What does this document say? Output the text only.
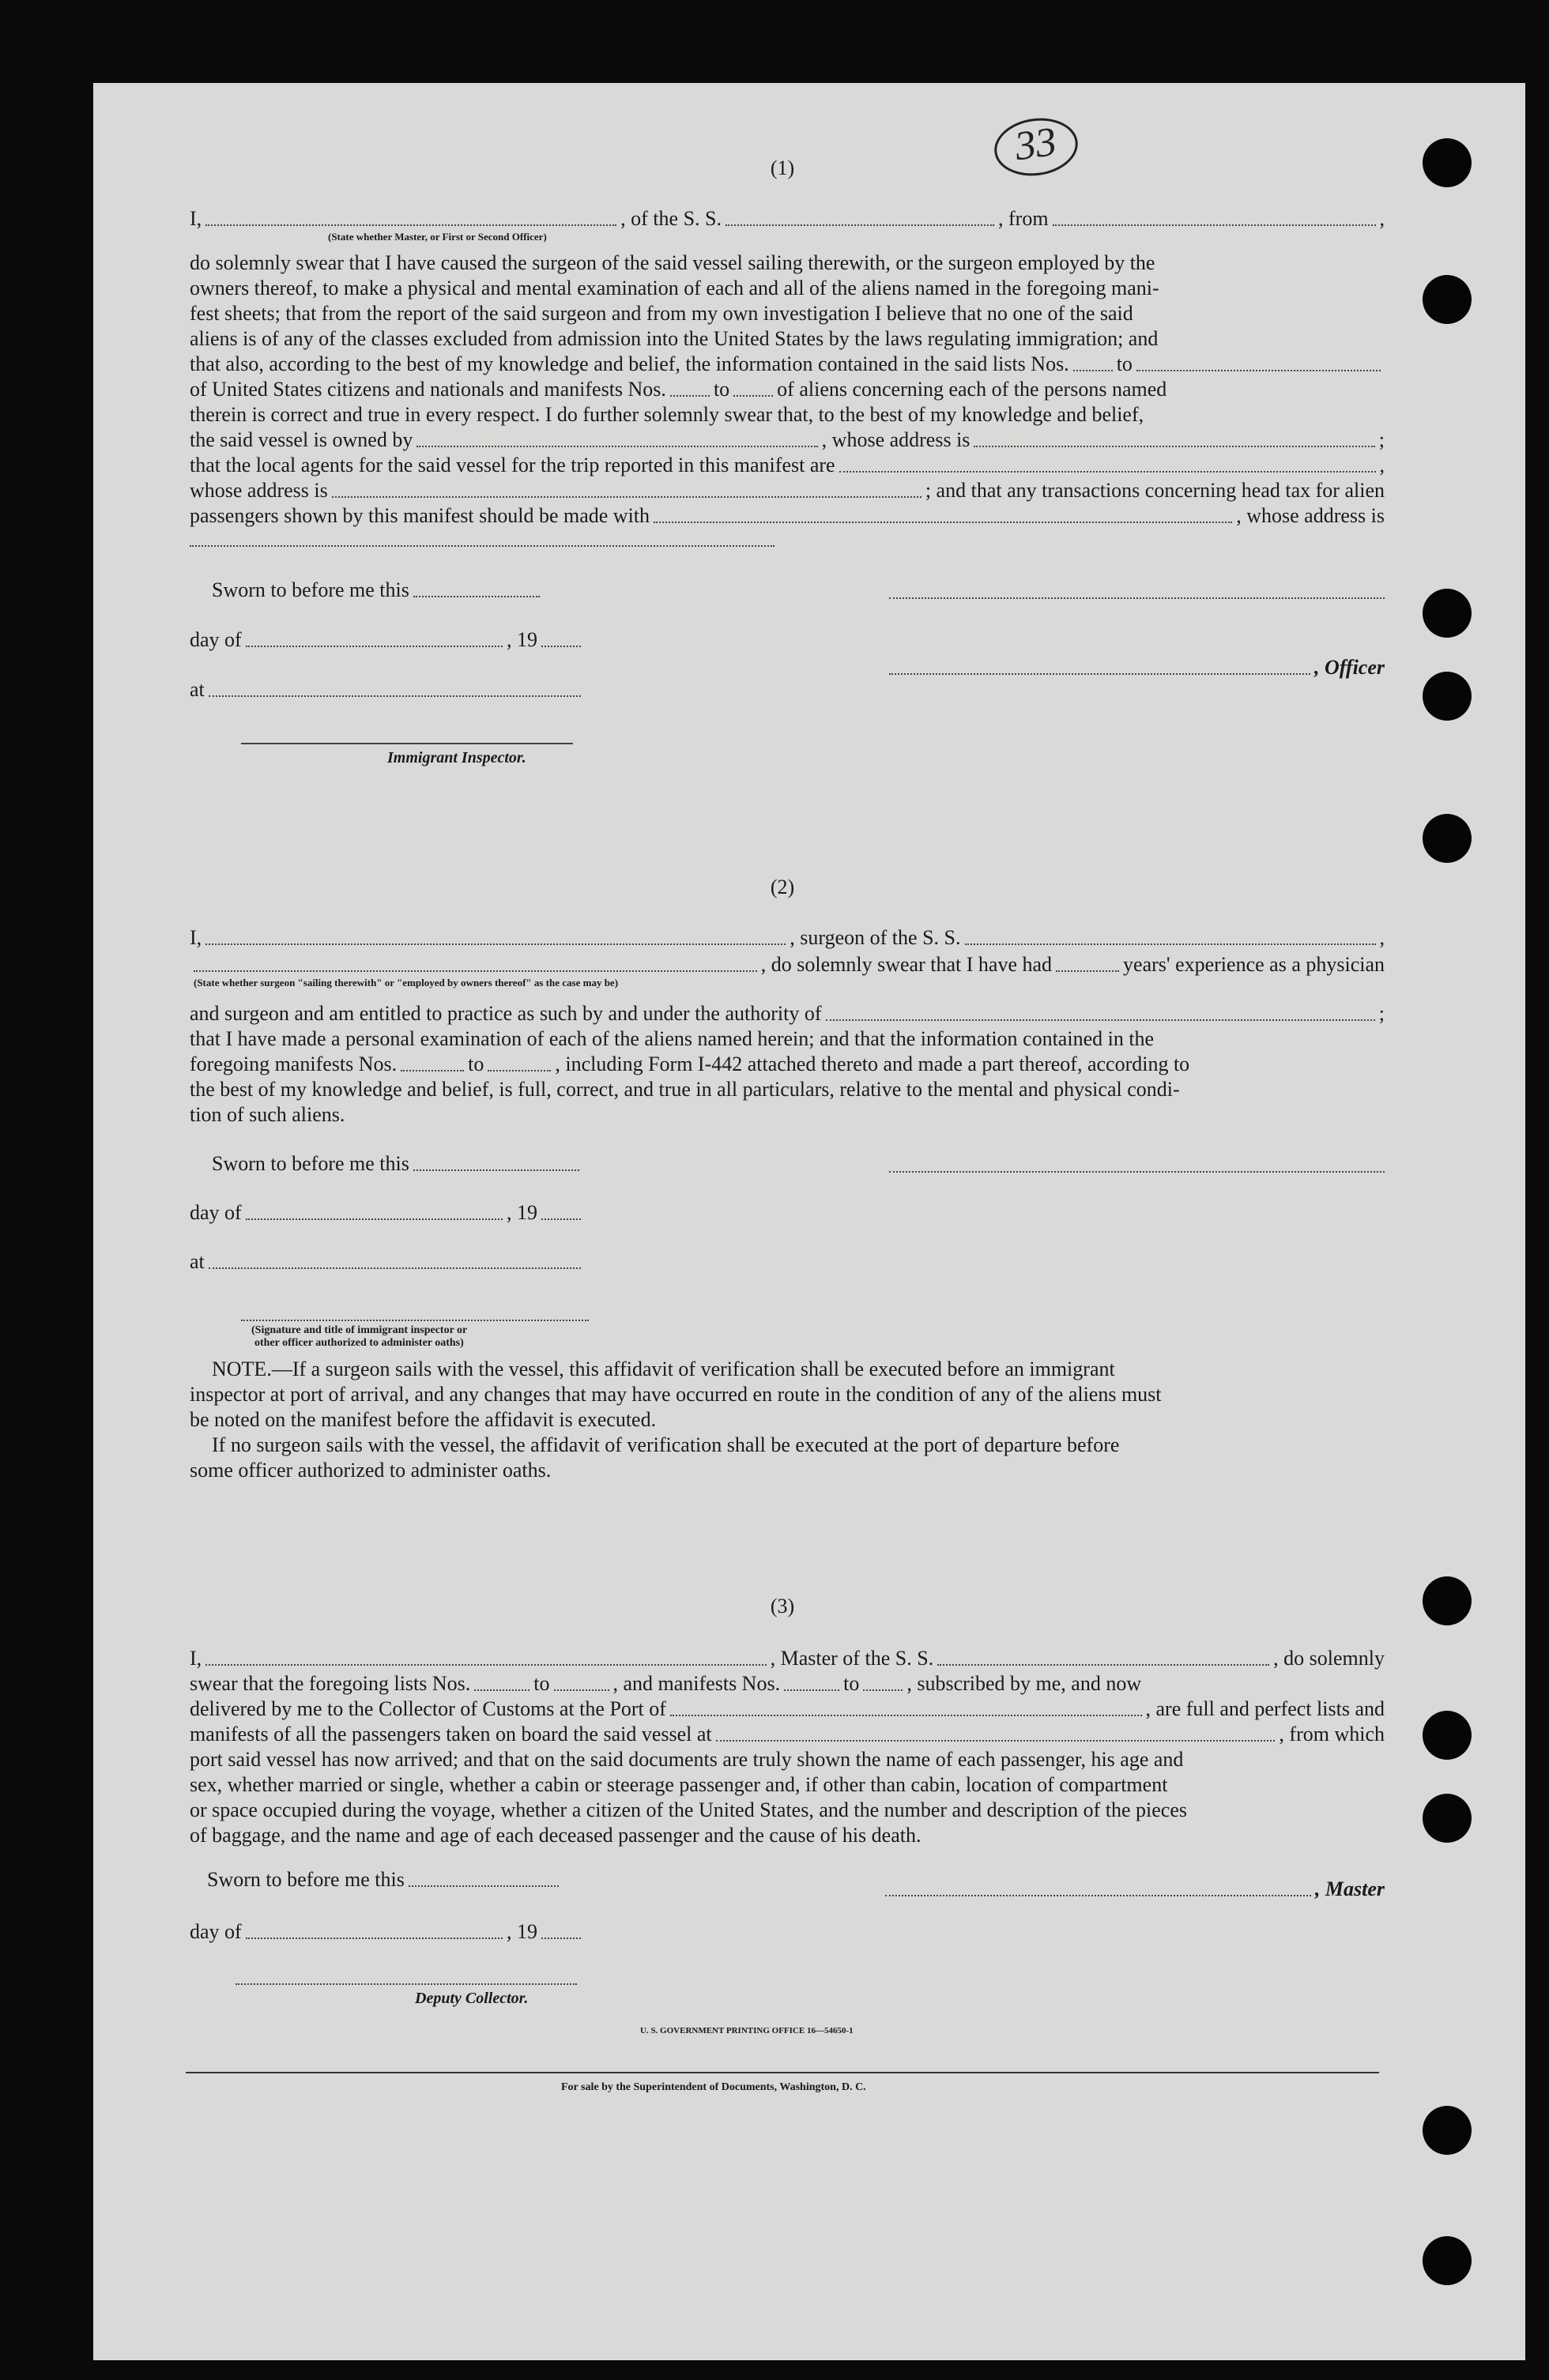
33
(1)
I,	, of the S. S.	, from	,
(State whether Master, or First or Second Officer)
do solemnly swear that I have caused the surgeon of the said vessel sailing therewith, or the surgeon employed by the
owners thereof, to make a physical and mental examination of each and all of the aliens named in the foregoing mani-
fest sheets; that from the report of the said surgeon and from my own investigation I believe that no one of the said
aliens is of any of the classes excluded from admission into the United States by the laws regulating immigration; and
that also, according to the best of my knowledge and belief, the information contained in the said lists Nos. to
of United States citizens and nationals and manifests Nos. to of aliens concerning each of the persons named
therein is correct and true in every respect. I do further solemnly swear that, to the best of my knowledge and belief,
the said vessel is owned by	, whose address is	;
that the local agents for the said vessel for the trip reported in this manifest are	,
whose address is	; and that any transactions concerning head tax for alien
passengers shown by this manifest should be made with	, whose address is
Sworn to before me this
day of	, 19
, Officer
at
Immigrant Inspector.
(2)
I,	, surgeon of the S. S.	,
, do solemnly swear that I have had	years' experience as a physician
(State whether surgeon "sailing therewith" or "employed by owners thereof" as the case may be)
and surgeon and am entitled to practice as such by and under the authority of	;
that I have made a personal examination of each of the aliens named herein; and that the information contained in the
foregoing manifests Nos.	to	, including Form I-442 attached thereto and made a part thereof, according to
the best of my knowledge and belief, is full, correct, and true in all particulars, relative to the mental and physical condi-
tion of such aliens.
Sworn to before me this
day of	, 19
at
(Signature and title of immigrant inspector or
other officer authorized to administer oaths)
NOTE.—If a surgeon sails with the vessel, this affidavit of verification shall be executed before an immigrant
inspector at port of arrival, and any changes that may have occurred en route in the condition of any of the aliens must
be noted on the manifest before the affidavit is executed.
If no surgeon sails with the vessel, the affidavit of verification shall be executed at the port of departure before
some officer authorized to administer oaths.
(3)
I,	, Master of the S. S.	, do solemnly
swear that the foregoing lists Nos.	to	, and manifests Nos.	to , subscribed by me, and now
delivered by me to the Collector of Customs at the Port of	, are full and perfect lists and
manifests of all the passengers taken on board the said vessel at	, from which
port said vessel has now arrived; and that on the said documents are truly shown the name of each passenger, his age and
sex, whether married or single, whether a cabin or steerage passenger and, if other than cabin, location of compartment
or space occupied during the voyage, whether a citizen of the United States, and the number and description of the pieces
of baggage, and the name and age of each deceased passenger and the cause of his death.
Sworn to before me this	, Master
day of	, 19
Deputy Collector.
U. S. GOVERNMENT PRINTING OFFICE 16—54650-1
For sale by the Superintendent of Documents, Washington, D. C.
